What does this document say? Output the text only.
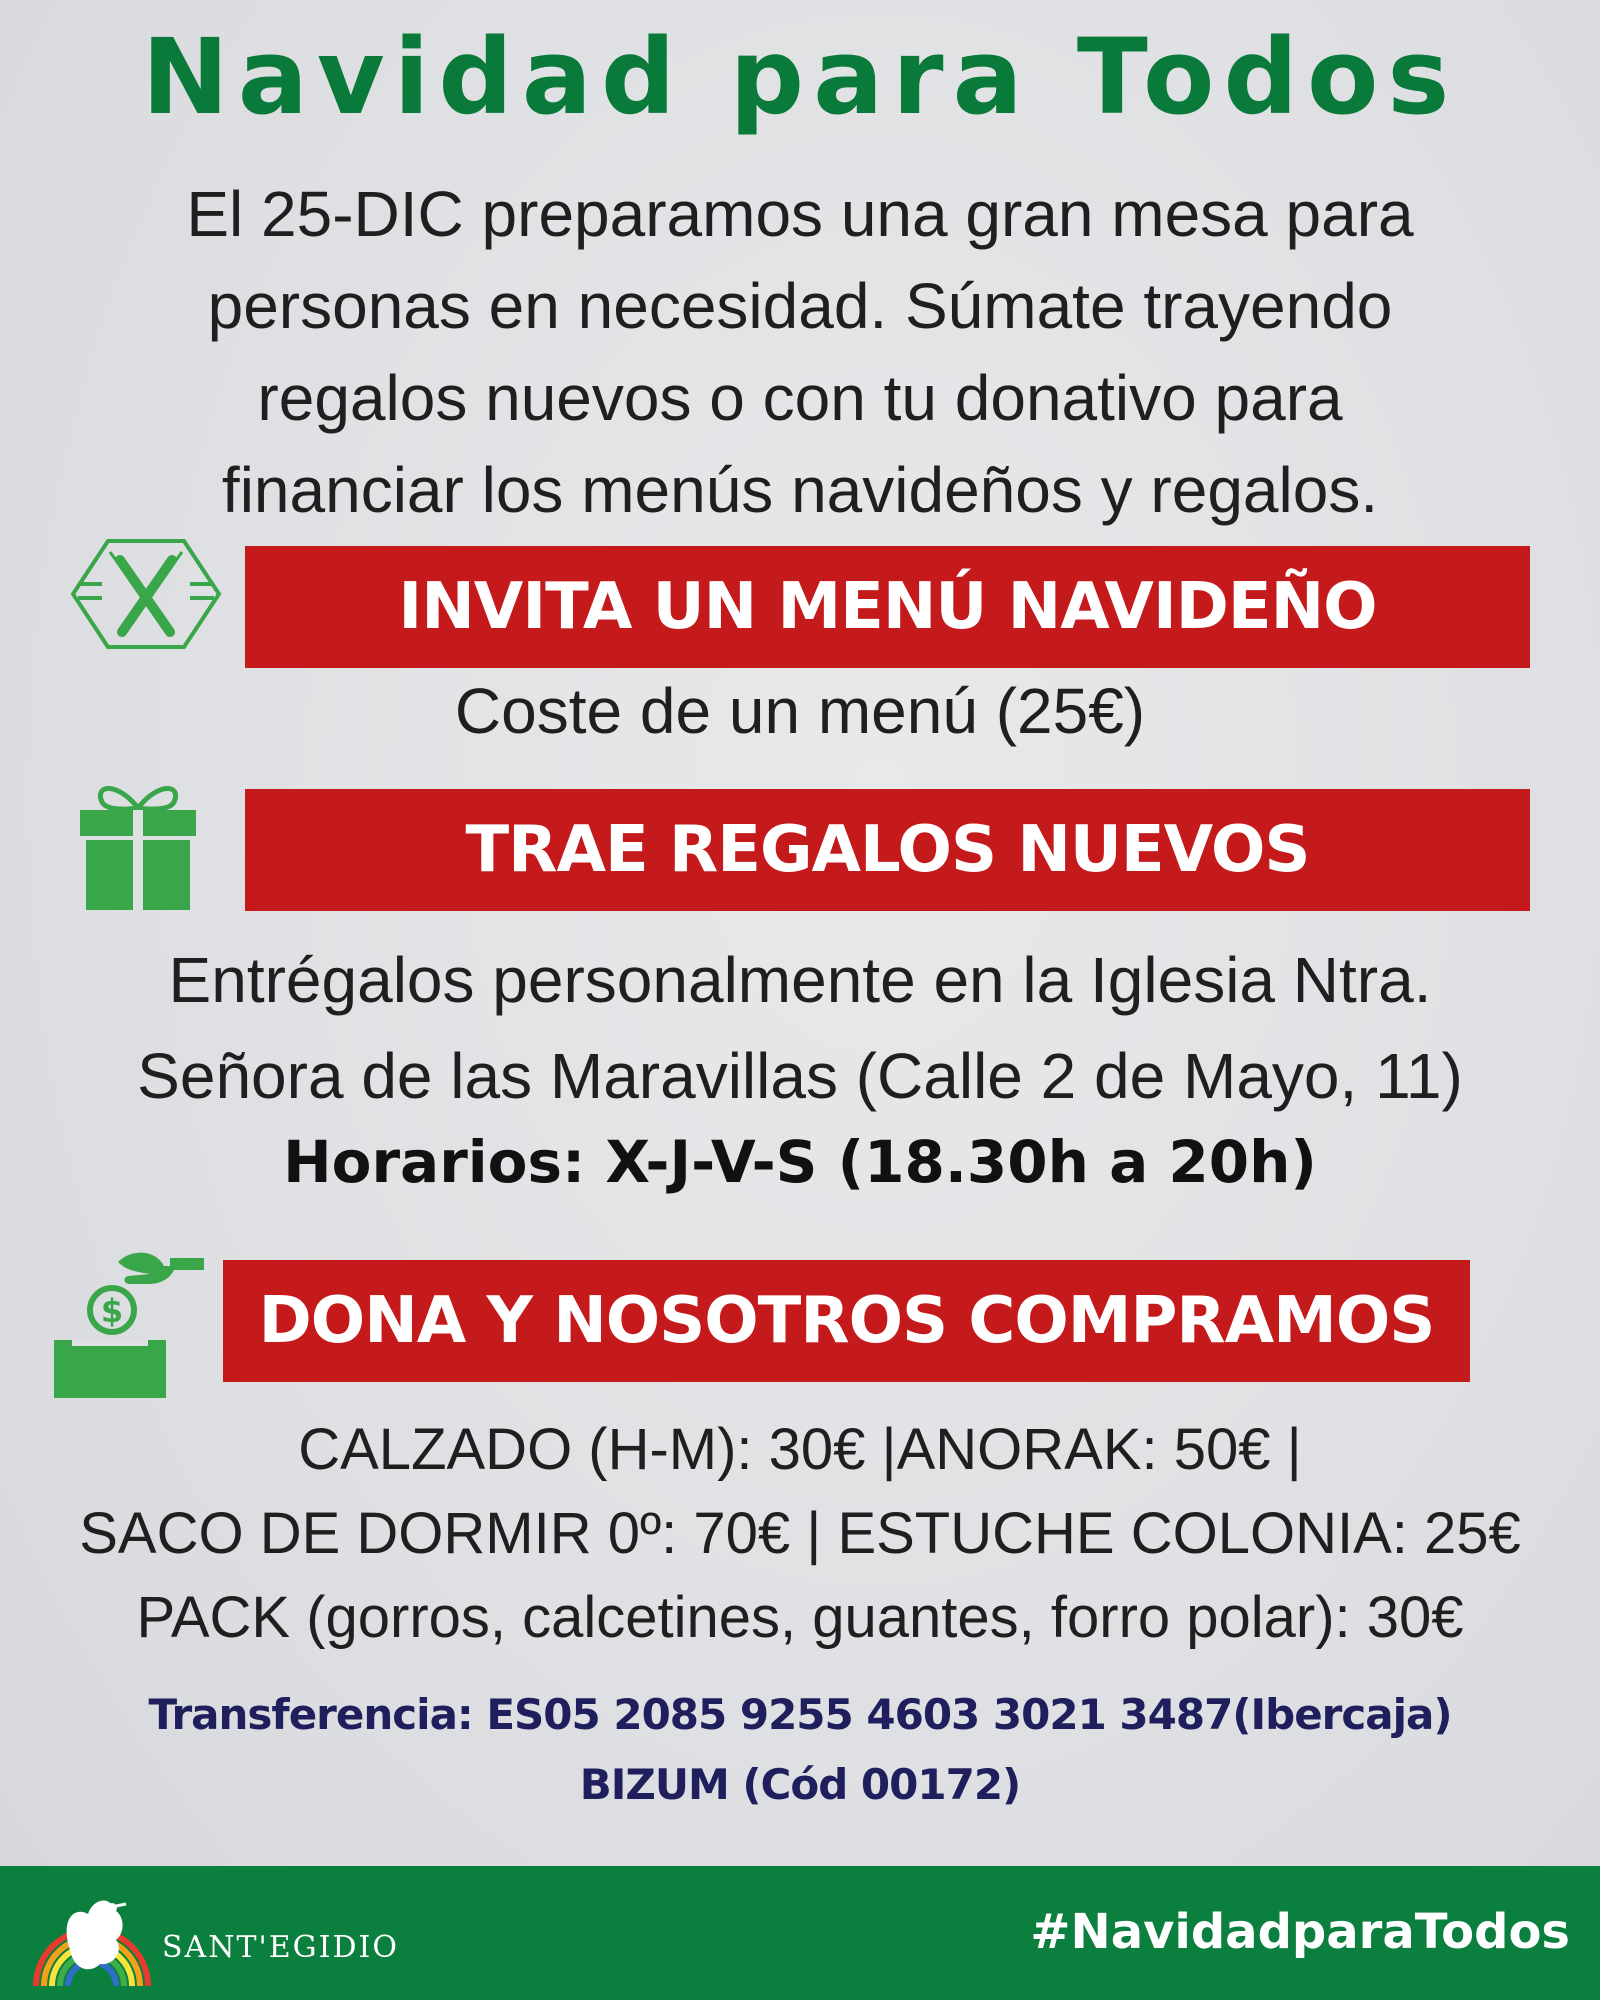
Navidad para Todos
El 25-DIC preparamos una gran mesa para
personas en necesidad. Súmate trayendo
regalos nuevos o con tu donativo para
financiar los menús navideños y regalos.
INVITA UN MENÚ NAVIDEÑO
Coste de un menú (25€)
TRAE REGALOS NUEVOS
Entrégalos personalmente en la Iglesia Ntra.
Señora de las Maravillas (Calle 2 de Mayo, 11)
Horarios: X-J-V-S (18.30h a 20h)
$	DONA Y NOSOTROS COMPRAMOS
CALZADO (H-M): 30€ |ANORAK: 50€ |
SACO DE DORMIR 0º: 70€ | ESTUCHE COLONIA: 25€
PACK (gorros, calcetines, guantes, forro polar): 30€
Transferencia: ES05 2085 9255 4603 3021 3487(Ibercaja)
BIZUM (Cód 00172)
SANT'EGIDIO	#NavidadparaTodos
